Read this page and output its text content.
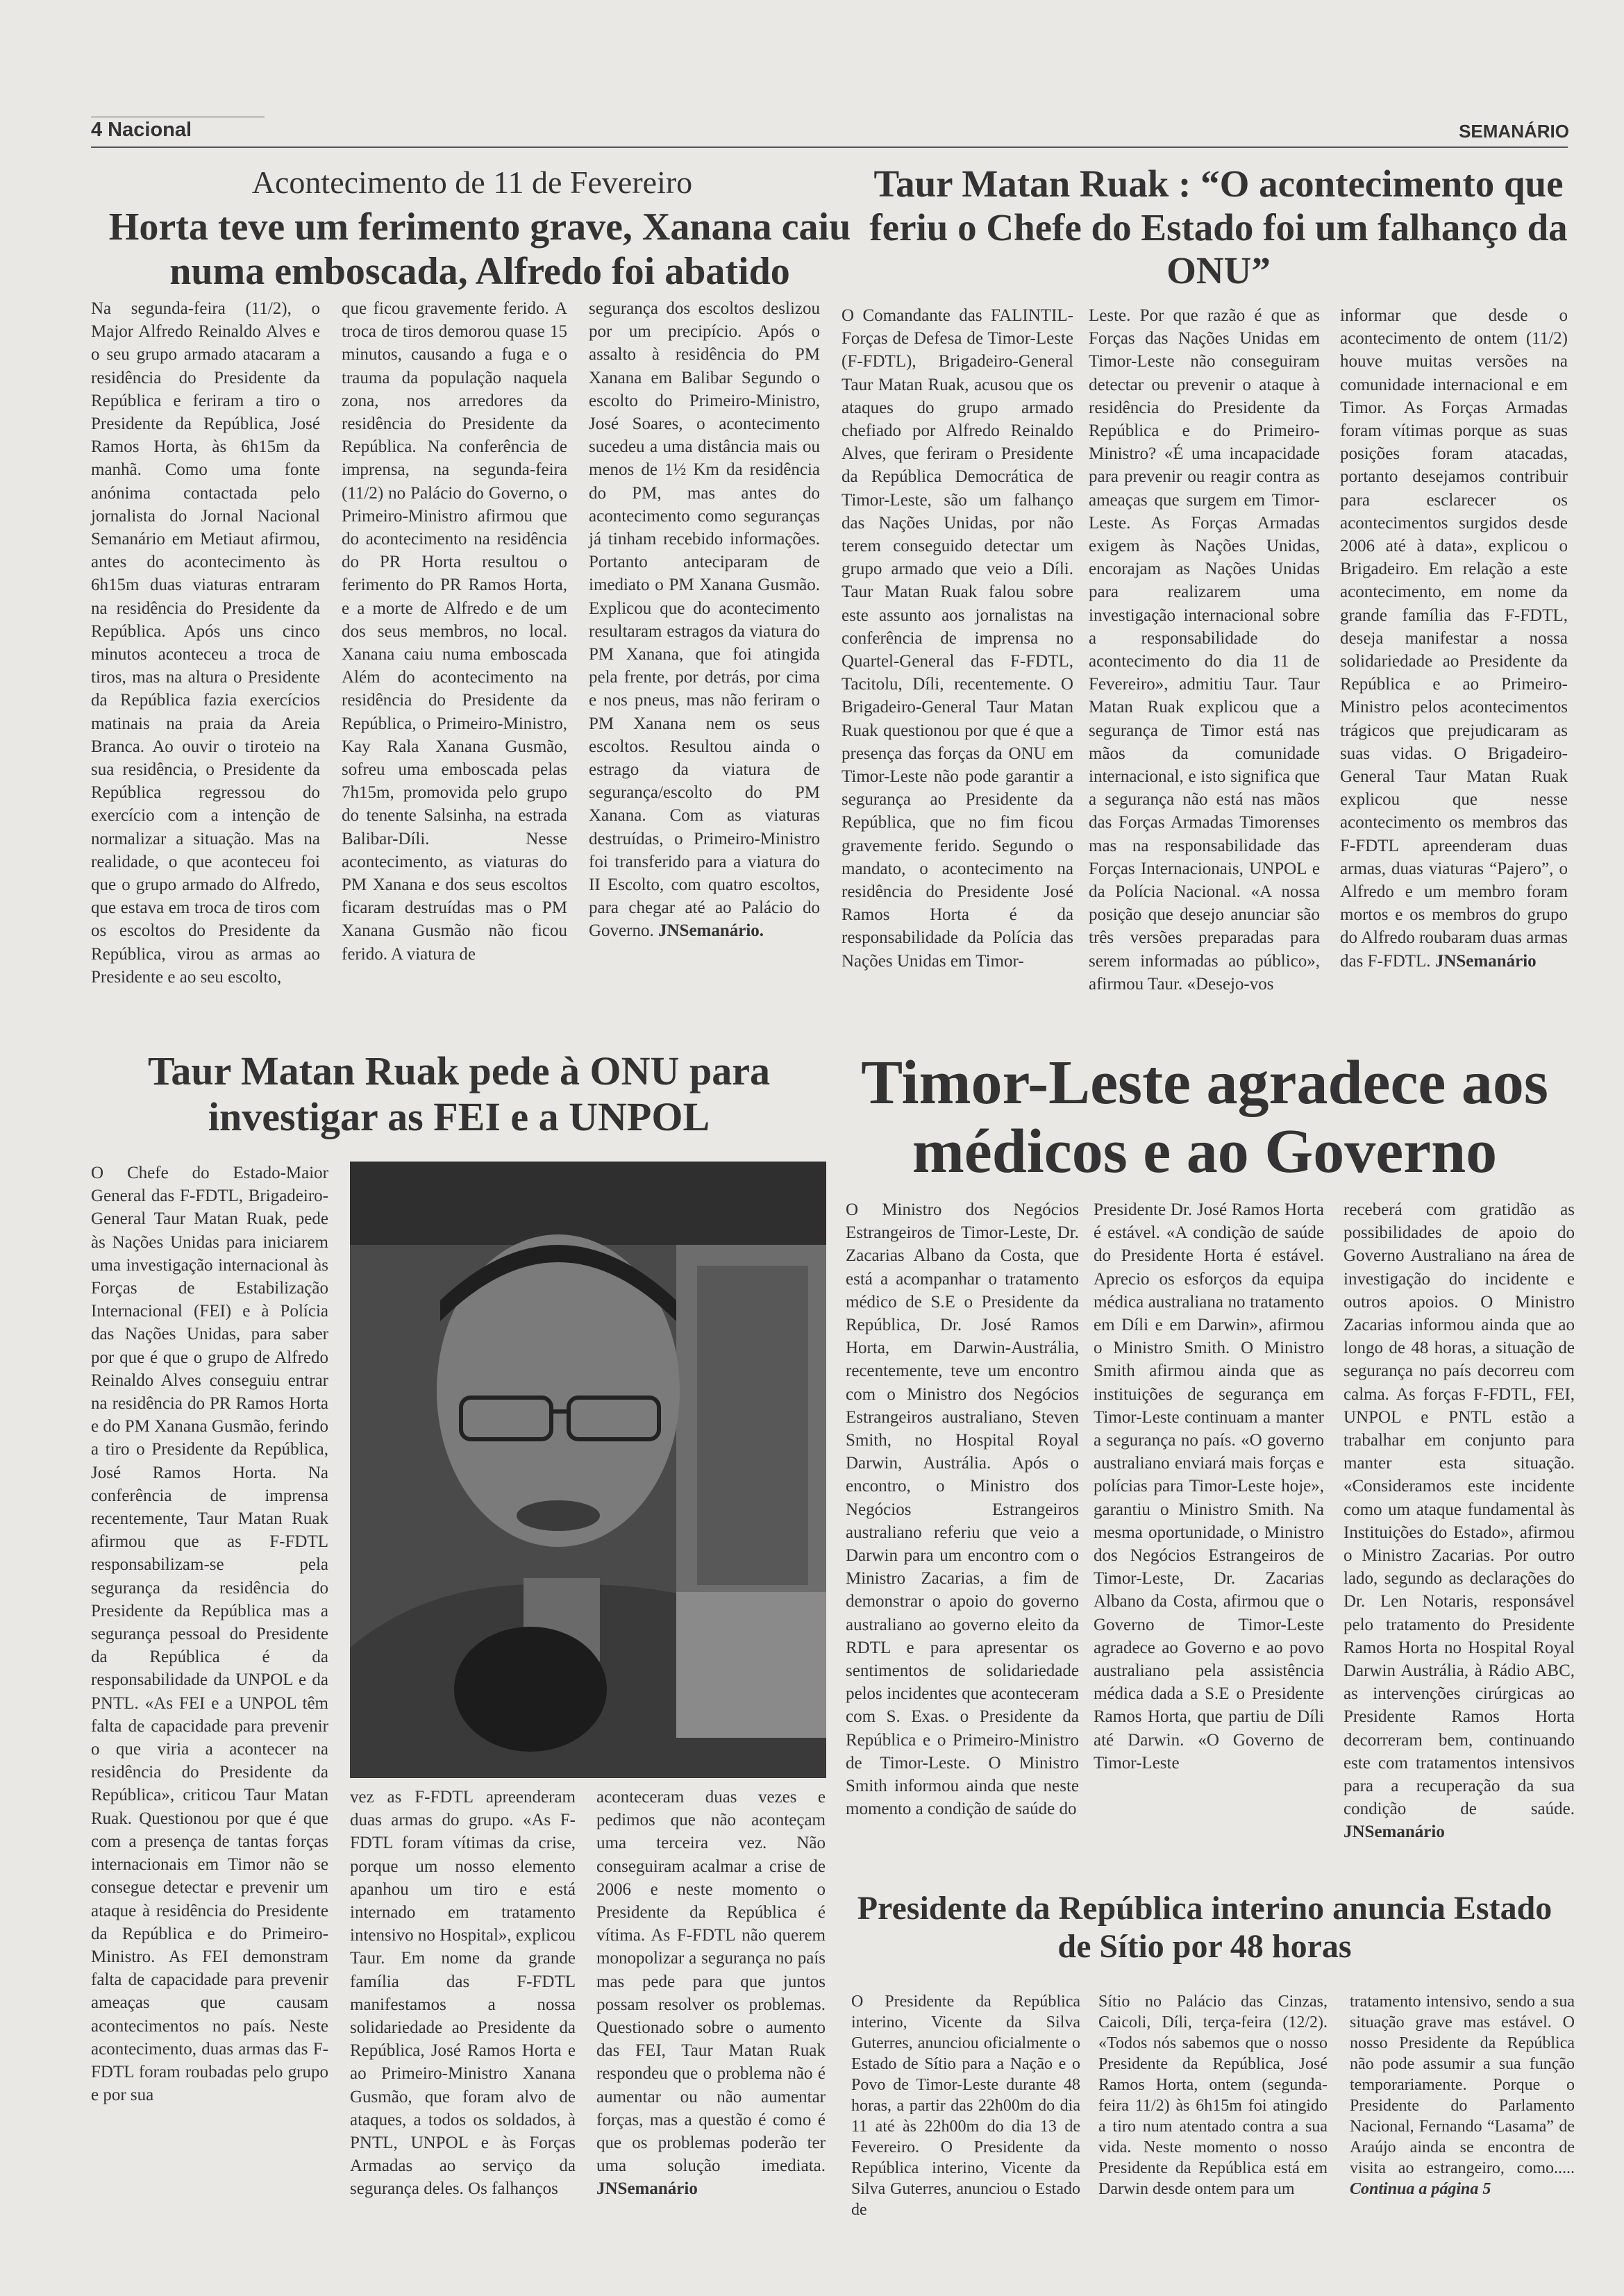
4 Nacional	SEMANÁRIO
Acontecimento de 11 de Fevereiro
Horta teve um ferimento grave, Xanana caiu numa emboscada, Alfredo foi abatido

Na segunda-feira (11/2), o Major Alfredo Reinaldo Alves e o seu grupo armado atacaram a residência do Presidente da República e feriram a tiro o Presidente da República, José Ramos Horta, às 6h15m da manhã. Como uma fonte anónima contactada pelo jornalista do Jornal Nacional Semanário em Metiaut afirmou, antes do acontecimento às 6h15m duas viaturas entraram na residência do Presidente da República. Após uns cinco minutos aconteceu a troca de tiros, mas na altura o Presidente da República fazia exercícios matinais na praia da Areia Branca. Ao ouvir o tiroteio na sua residência, o Presidente da República regressou do exercício com a intenção de normalizar a situação. Mas na realidade, o que aconteceu foi que o grupo armado do Alfredo, que estava em troca de tiros com os escoltos do Presidente da República, virou as armas ao Presidente e ao seu escolto,

que ficou gravemente ferido. A troca de tiros demorou quase 15 minutos, causando a fuga e o trauma da população naquela zona, nos arredores da residência do Presidente da República. Na conferência de imprensa, na segunda-feira (11/2) no Palácio do Governo, o Primeiro-Ministro afirmou que do acontecimento na residência do PR Horta resultou o ferimento do PR Ramos Horta, e a morte de Alfredo e de um dos seus membros, no local. Xanana caiu numa emboscada Além do acontecimento na residência do Presidente da República, o Primeiro-Ministro, Kay Rala Xanana Gusmão, sofreu uma emboscada pelas 7h15m, promovida pelo grupo do tenente Salsinha, na estrada Balibar-Díli. Nesse acontecimento, as viaturas do PM Xanana e dos seus escoltos ficaram destruídas mas o PM Xanana Gusmão não ficou ferido. A viatura de

segurança dos escoltos deslizou por um precipício. Após o assalto à residência do PM Xanana em Balibar Segundo o escolto do Primeiro-Ministro, José Soares, o acontecimento sucedeu a uma distância mais ou menos de 1½ Km da residência do PM, mas antes do acontecimento como seguranças já tinham recebido informações. Portanto anteciparam de imediato o PM Xanana Gusmão. Explicou que do acontecimento resultaram estragos da viatura do PM Xanana, que foi atingida pela frente, por detrás, por cima e nos pneus, mas não feriram o PM Xanana nem os seus escoltos. Resultou ainda o estrago da viatura de segurança/escolto do PM Xanana. Com as viaturas destruídas, o Primeiro-Ministro foi transferido para a viatura do II Escolto, com quatro escoltos, para chegar até ao Palácio do Governo. JNSemanário.

Taur Matan Ruak : “O acontecimento que feriu o Chefe do Estado foi um falhanço da ONU”

O Comandante das FALINTIL-Forças de Defesa de Timor-Leste (F-FDTL), Brigadeiro-General Taur Matan Ruak, acusou que os ataques do grupo armado chefiado por Alfredo Reinaldo Alves, que feriram o Presidente da República Democrática de Timor-Leste, são um falhanço das Nações Unidas, por não terem conseguido detectar um grupo armado que veio a Díli. Taur Matan Ruak falou sobre este assunto aos jornalistas na conferência de imprensa no Quartel-General das F-FDTL, Tacitolu, Díli, recentemente. O Brigadeiro-General Taur Matan Ruak questionou por que é que a presença das forças da ONU em Timor-Leste não pode garantir a segurança ao Presidente da República, que no fim ficou gravemente ferido. Segundo o mandato, o acontecimento na residência do Presidente José Ramos Horta é da responsabilidade da Polícia das Nações Unidas em Timor-

Leste. Por que razão é que as Forças das Nações Unidas em Timor-Leste não conseguiram detectar ou prevenir o ataque à residência do Presidente da República e do Primeiro-Ministro? «É uma incapacidade para prevenir ou reagir contra as ameaças que surgem em Timor-Leste. As Forças Armadas exigem às Nações Unidas, encorajam as Nações Unidas para realizarem uma investigação internacional sobre a responsabilidade do acontecimento do dia 11 de Fevereiro», admitiu Taur. Taur Matan Ruak explicou que a segurança de Timor está nas mãos da comunidade internacional, e isto significa que a segurança não está nas mãos das Forças Armadas Timorenses mas na responsabilidade das Forças Internacionais, UNPOL e da Polícia Nacional. «A nossa posição que desejo anunciar são três versões preparadas para serem informadas ao público», afirmou Taur. «Desejo-vos

informar que desde o acontecimento de ontem (11/2) houve muitas versões na comunidade internacional e em Timor. As Forças Armadas foram vítimas porque as suas posições foram atacadas, portanto desejamos contribuir para esclarecer os acontecimentos surgidos desde 2006 até à data», explicou o Brigadeiro. Em relação a este acontecimento, em nome da grande família das F-FDTL, deseja manifestar a nossa solidariedade ao Presidente da República e ao Primeiro-Ministro pelos acontecimentos trágicos que prejudicaram as suas vidas. O Brigadeiro-General Taur Matan Ruak explicou que nesse acontecimento os membros das F-FDTL apreenderam duas armas, duas viaturas “Pajero”, o Alfredo e um membro foram mortos e os membros do grupo do Alfredo roubaram duas armas das F-FDTL. JNSemanário

Taur Matan Ruak pede à ONU para investigar as FEI e a UNPOL

O Chefe do Estado-Maior General das F-FDTL, Brigadeiro-General Taur Matan Ruak, pede às Nações Unidas para iniciarem uma investigação internacional às Forças de Estabilização Internacional (FEI) e à Polícia das Nações Unidas, para saber por que é que o grupo de Alfredo Reinaldo Alves conseguiu entrar na residência do PR Ramos Horta e do PM Xanana Gusmão, ferindo a tiro o Presidente da República, José Ramos Horta. Na conferência de imprensa recentemente, Taur Matan Ruak afirmou que as F-FDTL responsabilizam-se pela segurança da residência do Presidente da República mas a segurança pessoal do Presidente da República é da responsabilidade da UNPOL e da PNTL. «As FEI e a UNPOL têm falta de capacidade para prevenir o que viria a acontecer na residência do Presidente da República», criticou Taur Matan Ruak. Questionou por que é que com a presença de tantas forças internacionais em Timor não se consegue detectar e prevenir um ataque à residência do Presidente da República e do Primeiro-Ministro. As FEI demonstram falta de capacidade para prevenir ameaças que causam acontecimentos no país. Neste acontecimento, duas armas das F-FDTL foram roubadas pelo grupo e por sua

vez as F-FDTL apreenderam duas armas do grupo. «As F-FDTL foram vítimas da crise, porque um nosso elemento apanhou um tiro e está internado em tratamento intensivo no Hospital», explicou Taur. Em nome da grande família das F-FDTL manifestamos a nossa solidariedade ao Presidente da República, José Ramos Horta e ao Primeiro-Ministro Xanana Gusmão, que foram alvo de ataques, a todos os soldados, à PNTL, UNPOL e às Forças Armadas ao serviço da segurança deles. Os falhanços

aconteceram duas vezes e pedimos que não aconteçam uma terceira vez. Não conseguiram acalmar a crise de 2006 e neste momento o Presidente da República é vítima. As F-FDTL não querem monopolizar a segurança no país mas pede para que juntos possam resolver os problemas. Questionado sobre o aumento das FEI, Taur Matan Ruak respondeu que o problema não é aumentar ou não aumentar forças, mas a questão é como é que os problemas poderão ter uma solução imediata. JNSemanário

Timor-Leste agradece aos médicos e ao Governo

O Ministro dos Negócios Estrangeiros de Timor-Leste, Dr. Zacarias Albano da Costa, que está a acompanhar o tratamento médico de S.E o Presidente da República, Dr. José Ramos Horta, em Darwin-Austrália, recentemente, teve um encontro com o Ministro dos Negócios Estrangeiros australiano, Steven Smith, no Hospital Royal Darwin, Austrália. Após o encontro, o Ministro dos Negócios Estrangeiros australiano referiu que veio a Darwin para um encontro com o Ministro Zacarias, a fim de demonstrar o apoio do governo australiano ao governo eleito da RDTL e para apresentar os sentimentos de solidariedade pelos incidentes que aconteceram com S. Exas. o Presidente da República e o Primeiro-Ministro de Timor-Leste. O Ministro Smith informou ainda que neste momento a condição de saúde do

Presidente Dr. José Ramos Horta é estável. «A condição de saúde do Presidente Horta é estável. Aprecio os esforços da equipa médica australiana no tratamento em Díli e em Darwin», afirmou o Ministro Smith. O Ministro Smith afirmou ainda que as instituições de segurança em Timor-Leste continuam a manter a segurança no país. «O governo australiano enviará mais forças e polícias para Timor-Leste hoje», garantiu o Ministro Smith. Na mesma oportunidade, o Ministro dos Negócios Estrangeiros de Timor-Leste, Dr. Zacarias Albano da Costa, afirmou que o Governo de Timor-Leste agradece ao Governo e ao povo australiano pela assistência médica dada a S.E o Presidente Ramos Horta, que partiu de Díli até Darwin. «O Governo de Timor-Leste

receberá com gratidão as possibilidades de apoio do Governo Australiano na área de investigação do incidente e outros apoios. O Ministro Zacarias informou ainda que ao longo de 48 horas, a situação de segurança no país decorreu com calma. As forças F-FDTL, FEI, UNPOL e PNTL estão a trabalhar em conjunto para manter esta situação. «Consideramos este incidente como um ataque fundamental às Instituições do Estado», afirmou o Ministro Zacarias. Por outro lado, segundo as declarações do Dr. Len Notaris, responsável pelo tratamento do Presidente Ramos Horta no Hospital Royal Darwin Austrália, à Rádio ABC, as intervenções cirúrgicas ao Presidente Ramos Horta decorreram bem, continuando este com tratamentos intensivos para a recuperação da sua condição de saúde. JNSemanário

Presidente da República interino anuncia Estado de Sítio por 48 horas

O Presidente da República interino, Vicente da Silva Guterres, anunciou oficialmente o Estado de Sítio para a Nação e o Povo de Timor-Leste durante 48 horas, a partir das 22h00m do dia 11 até às 22h00m do dia 13 de Fevereiro. O Presidente da República interino, Vicente da Silva Guterres, anunciou o Estado de

Sítio no Palácio das Cinzas, Caicoli, Díli, terça-feira (12/2). «Todos nós sabemos que o nosso Presidente da República, José Ramos Horta, ontem (segunda-feira 11/2) às 6h15m foi atingido a tiro num atentado contra a sua vida. Neste momento o nosso Presidente da República está em Darwin desde ontem para um

tratamento intensivo, sendo a sua situação grave mas estável. O nosso Presidente da República não pode assumir a sua função temporariamente. Porque o Presidente do Parlamento Nacional, Fernando “Lasama” de Araújo ainda se encontra de visita ao estrangeiro, como..... Continua a página 5
